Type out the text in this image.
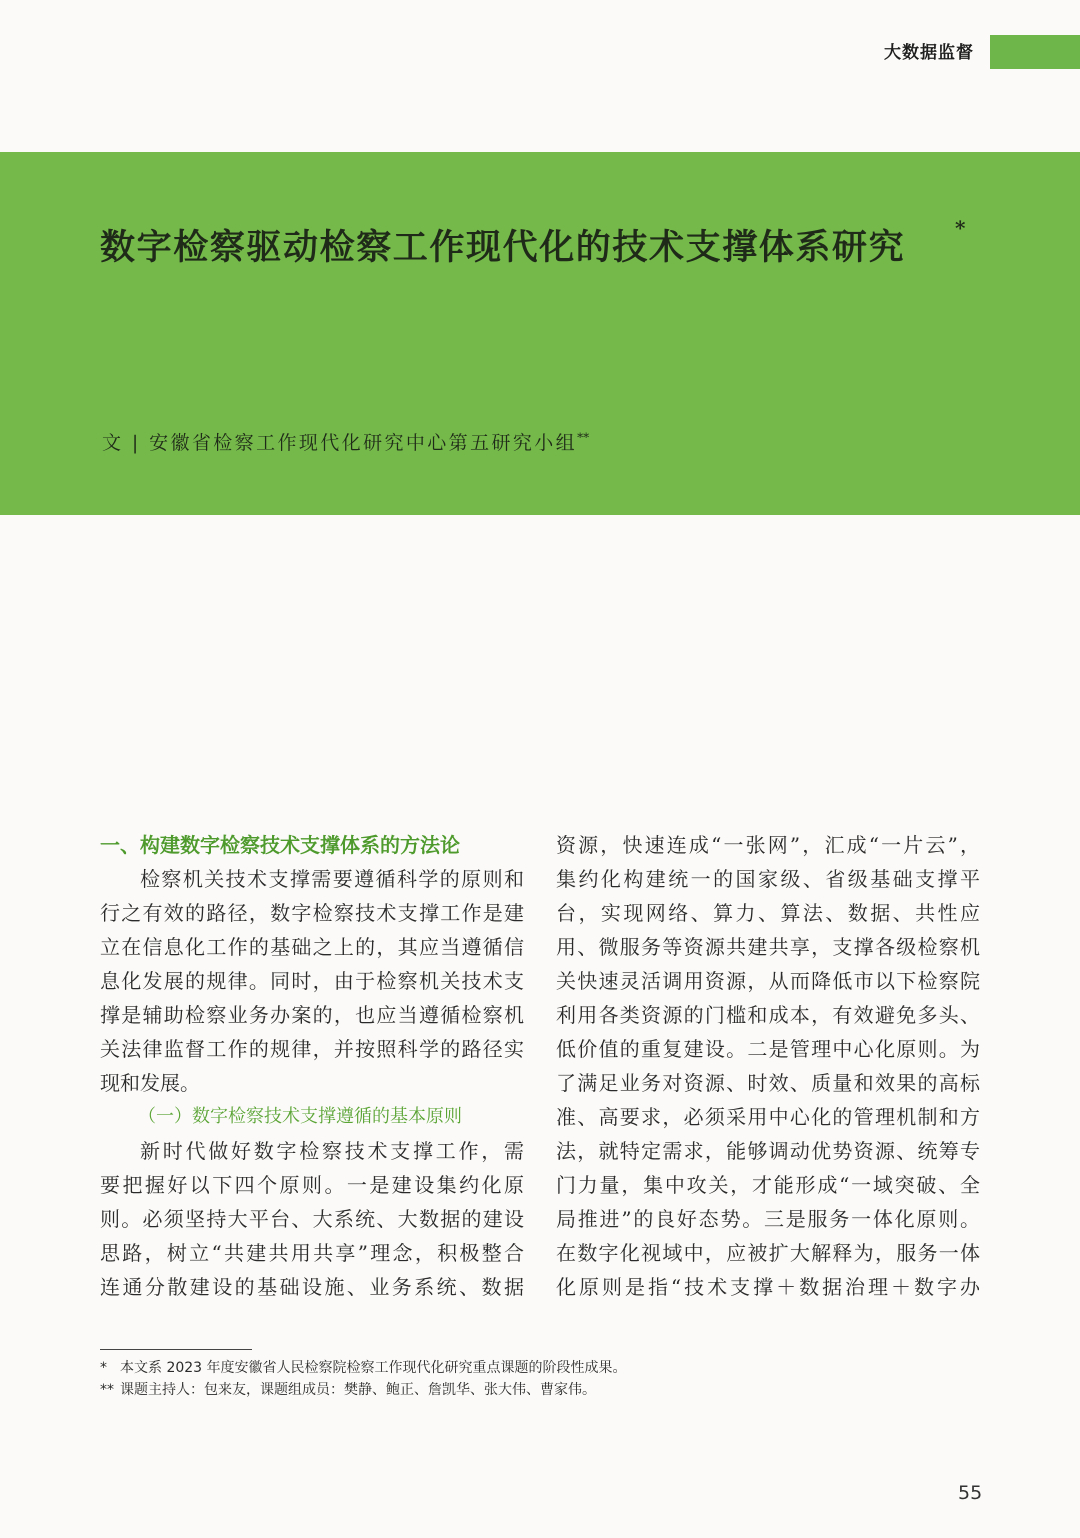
大数据监督
数字检察驱动检察工作现代化的技术支撑体系研究 *
文 | 安徽省检察工作现代化研究中心第五研究小组**
一、构建数字检察技术支撑体系的方法论
检察机关技术支撑需要遵循科学的原则和
行之有效的路径，数字检察技术支撑工作是建
立在信息化工作的基础之上的，其应当遵循信
息化发展的规律。同时，由于检察机关技术支
撑是辅助检察业务办案的，也应当遵循检察机
关法律监督工作的规律，并按照科学的路径实
现和发展。
（一）数字检察技术支撑遵循的基本原则
新时代做好数字检察技术支撑工作，需
要把握好以下四个原则。一是建设集约化原
则。必须坚持大平台、大系统、大数据的建设
思路，树立“共建共用共享”理念，积极整合
连通分散建设的基础设施、业务系统、数据
资源，快速连成“一张网”，汇成“一片云”，
集约化构建统一的国家级、省级基础支撑平
台，实现网络、算力、算法、数据、共性应
用、微服务等资源共建共享，支撑各级检察机
关快速灵活调用资源，从而降低市以下检察院
利用各类资源的门槛和成本，有效避免多头、
低价值的重复建设。二是管理中心化原则。为
了满足业务对资源、时效、质量和效果的高标
准、高要求，必须采用中心化的管理机制和方
法，就特定需求，能够调动优势资源、统筹专
门力量，集中攻关，才能形成“一域突破、全
局推进”的良好态势。三是服务一体化原则。
在数字化视域中，应被扩大解释为，服务一体
化原则是指“技术支撑＋数据治理＋数字办
* 本文系 2023 年度安徽省人民检察院检察工作现代化研究重点课题的阶段性成果。
** 课题主持人：包来友，课题组成员：樊静、鲍正、詹凯华、张大伟、曹家伟。
55
